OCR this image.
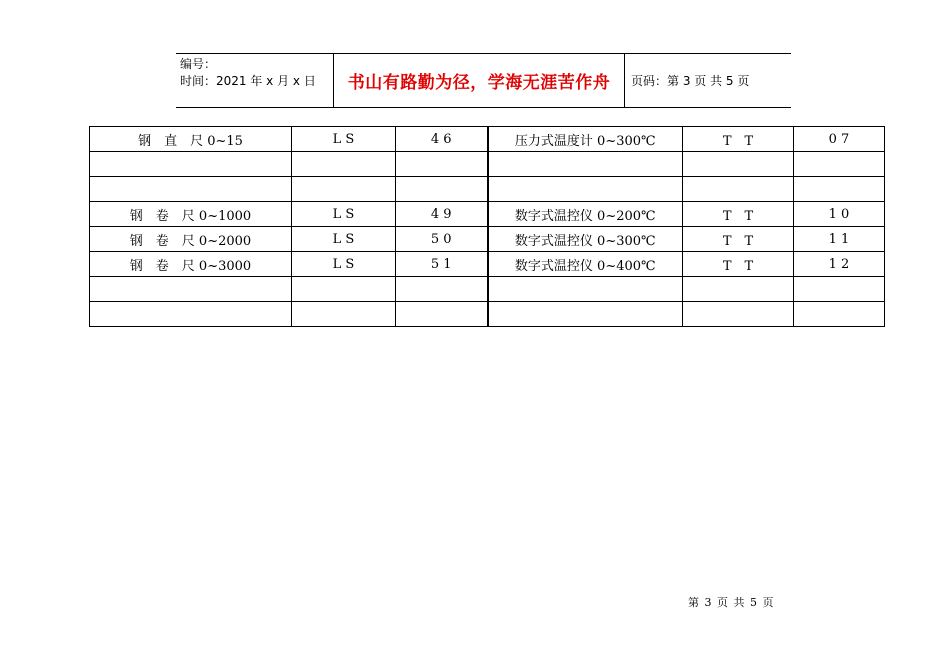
编号：
时间：2021 年 x 月 x 日	书山有路勤为径，学海无涯苦作舟	页码：第 3 页 共 5 页
钢　直　尺 0~15	L S	4 6	压力式温度计 0~300℃	T　T	0 7

钢　卷　尺 0~1000	L S	4 9	数字式温控仪 0~200℃	T　T	1 0
钢　卷　尺 0~2000	L S	5 0	数字式温控仪 0~300℃	T　T	1 1
钢　卷　尺 0~3000	L S	5 1	数字式温控仪 0~400℃	T　T	1 2

第 3 页 共 5 页
